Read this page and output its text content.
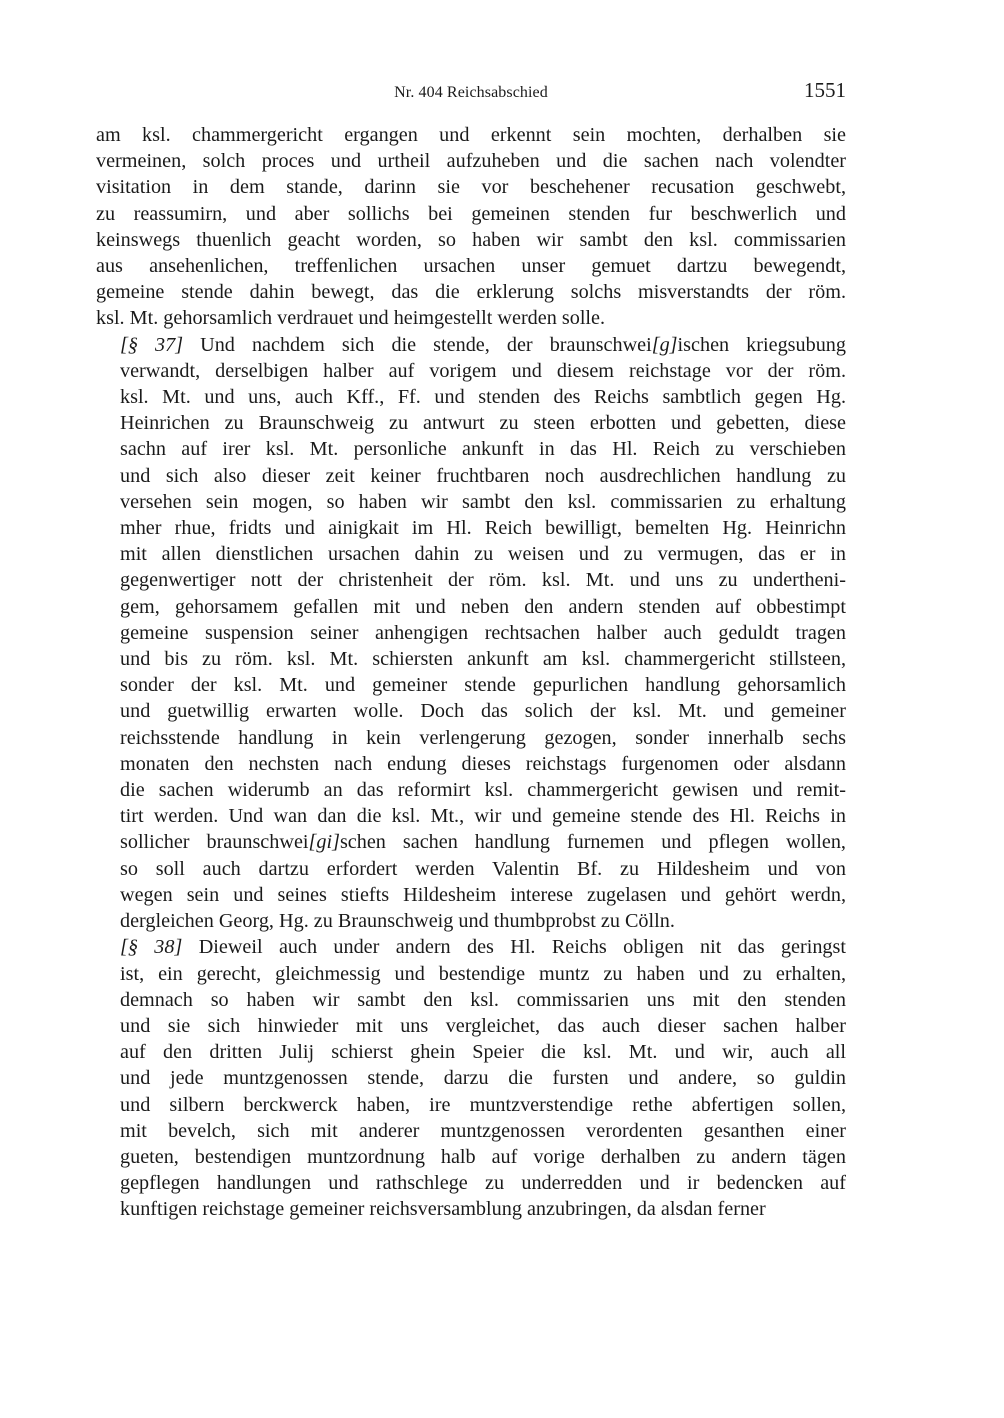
Nr. 404 Reichsabschied	1551
am ksl. chammergericht ergangen und erkennt sein mochten, derhalben sie
vermeinen, solch proces und urtheil aufzuheben und die sachen nach volendter
visitation in dem stande, darinn sie vor beschehener recusation geschwebt,
zu reassumirn, und aber sollichs bei gemeinen stenden fur beschwerlich und
keinswegs thuenlich geacht worden, so haben wir sambt den ksl. commissarien
aus ansehenlichen, treffenlichen ursachen unser gemuet dartzu bewegendt,
gemeine stende dahin bewegt, das die erklerung solchs misverstandts der röm.
ksl. Mt. gehorsamlich verdrauet und heimgestellt werden solle.
[§ 37] Und nachdem sich die stende, der braunschwei[g]ischen kriegsubung
verwandt, derselbigen halber auf vorigem und diesem reichstage vor der röm.
ksl. Mt. und uns, auch Kff., Ff. und stenden des Reichs sambtlich gegen Hg.
Heinrichen zu Braunschweig zu antwurt zu steen erbotten und gebetten, diese
sachn auf irer ksl. Mt. personliche ankunft in das Hl. Reich zu verschieben
und sich also dieser zeit keiner fruchtbaren noch ausdrechlichen handlung zu
versehen sein mogen, so haben wir sambt den ksl. commissarien zu erhaltung
mher rhue, fridts und ainigkait im Hl. Reich bewilligt, bemelten Hg. Heinrichn
mit allen dienstlichen ursachen dahin zu weisen und zu vermugen, das er in
gegenwertiger nott der christenheit der röm. ksl. Mt. und uns zu undertheni-
gem, gehorsamem gefallen mit und neben den andern stenden auf obbestimpt
gemeine suspension seiner anhengigen rechtsachen halber auch geduldt tragen
und bis zu röm. ksl. Mt. schiersten ankunft am ksl. chammergericht stillsteen,
sonder der ksl. Mt. und gemeiner stende gepurlichen handlung gehorsamlich
und guetwillig erwarten wolle. Doch das solich der ksl. Mt. und gemeiner
reichsstende handlung in kein verlengerung gezogen, sonder innerhalb sechs
monaten den nechsten nach endung dieses reichstags furgenomen oder alsdann
die sachen widerumb an das reformirt ksl. chammergericht gewisen und remit-
tirt werden. Und wan dan die ksl. Mt., wir und gemeine stende des Hl. Reichs in
sollicher braunschwei[gi]schen sachen handlung furnemen und pflegen wollen,
so soll auch dartzu erfordert werden Valentin Bf. zu Hildesheim und von
wegen sein und seines stiefts Hildesheim interese zugelasen und gehört werdn,
dergleichen Georg, Hg. zu Braunschweig und thumbprobst zu Cölln.
[§ 38] Dieweil auch under andern des Hl. Reichs obligen nit das geringst
ist, ein gerecht, gleichmessig und bestendige muntz zu haben und zu erhalten,
demnach so haben wir sambt den ksl. commissarien uns mit den stenden
und sie sich hinwieder mit uns vergleichet, das auch dieser sachen halber
auf den dritten Julij schierst ghein Speier die ksl. Mt. und wir, auch all
und jede muntzgenossen stende, darzu die fursten und andere, so guldin
und silbern berckwerck haben, ire muntzverstendige rethe abfertigen sollen,
mit bevelch, sich mit anderer muntzgenossen verordenten gesanthen einer
gueten, bestendigen muntzordnung halb auf vorige derhalben zu andern tägen
gepflegen handlungen und rathschlege zu underredden und ir bedencken auf
kunftigen reichstage gemeiner reichsversamblung anzubringen, da alsdan ferner
